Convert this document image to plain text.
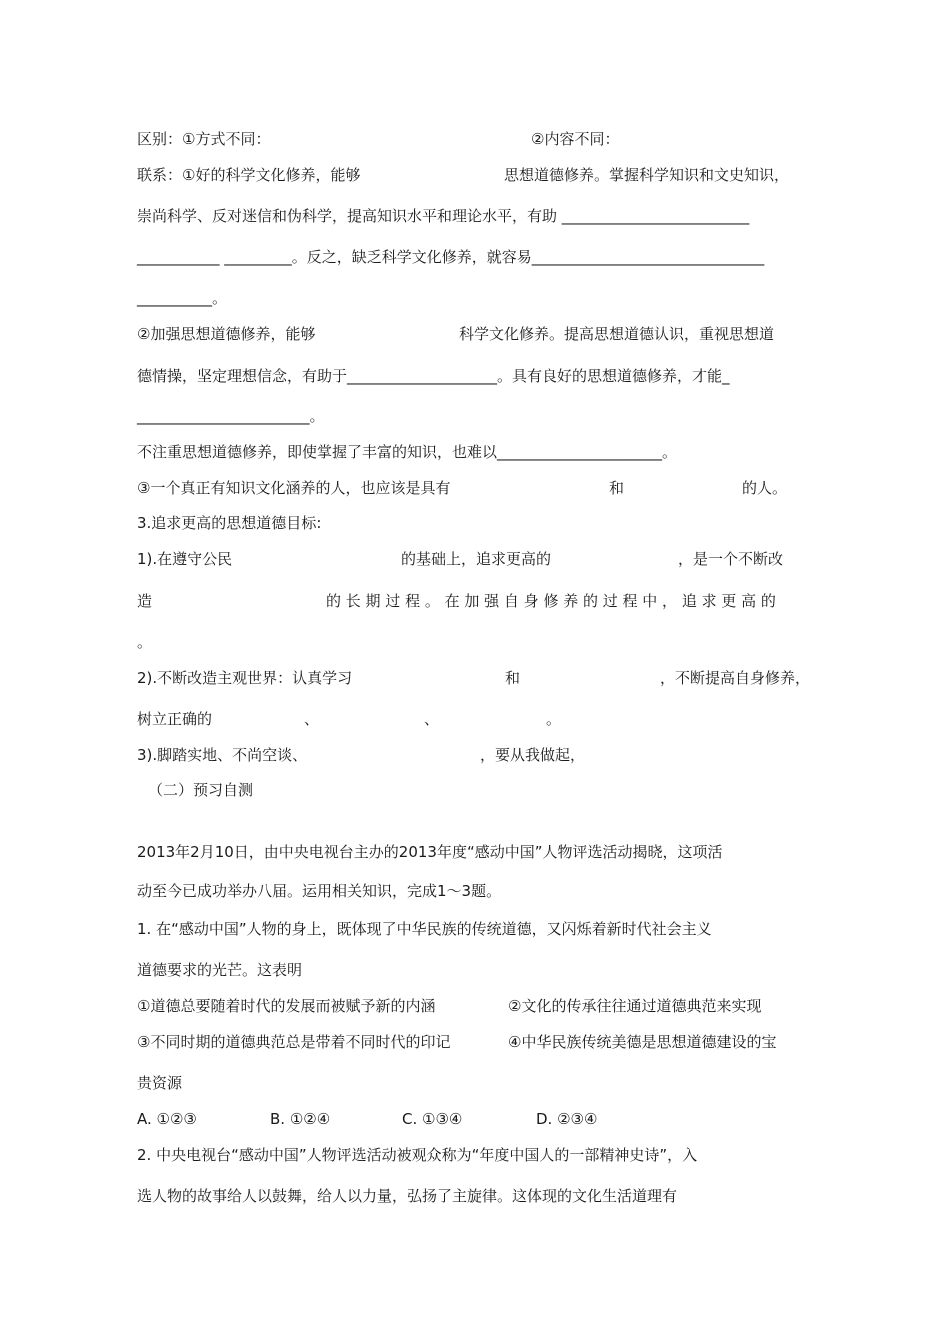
区别：①方式不同：	②内容不同：
联系：①好的科学文化修养，能够	思想道德修养。掌握科学知识和文史知识，
崇尚科学、反对迷信和伪科学，提高知识水平和理论水平，有助 _________________________
___________ _________。反之，缺乏科学文化修养，就容易_______________________________
__________。
②加强思想道德修养，能够	科学文化修养。提高思想道德认识，重视思想道
德情操，坚定理想信念，有助于____________________。具有良好的思想道德修养，才能_
_______________________。
不注重思想道德修养，即使掌握了丰富的知识，也难以______________________。
③一个真正有知识文化涵养的人，也应该是具有	和	的人。
3.追求更高的思想道德目标:
1).在遵守公民	的基础上，追求更高的	，是一个不断改
造	的 长 期 过 程 。 在 加 强 自 身 修 养 的 过 程 中 ， 追 求 更 高 的
。
2).不断改造主观世界：认真学习	和	，不断提高自身修养，
树立正确的	、	、	。
3).脚踏实地、不尚空谈、	，要从我做起，
（二）预习自测
2013年2月10日，由中央电视台主办的2013年度“感动中国”人物评选活动揭晓，这项活
动至今已成功举办八届。运用相关知识，完成1～3题。
1. 在“感动中国”人物的身上，既体现了中华民族的传统道德，又闪烁着新时代社会主义
道德要求的光芒。这表明
①道德总要随着时代的发展而被赋予新的内涵	②文化的传承往往通过道德典范来实现
③不同时期的道德典范总是带着不同时代的印记	④中华民族传统美德是思想道德建设的宝
贵资源
A. ①②③	B. ①②④	C. ①③④	D. ②③④
2. 中央电视台“感动中国”人物评选活动被观众称为“年度中国人的一部精神史诗”，入
选人物的故事给人以鼓舞，给人以力量，弘扬了主旋律。这体现的文化生活道理有
